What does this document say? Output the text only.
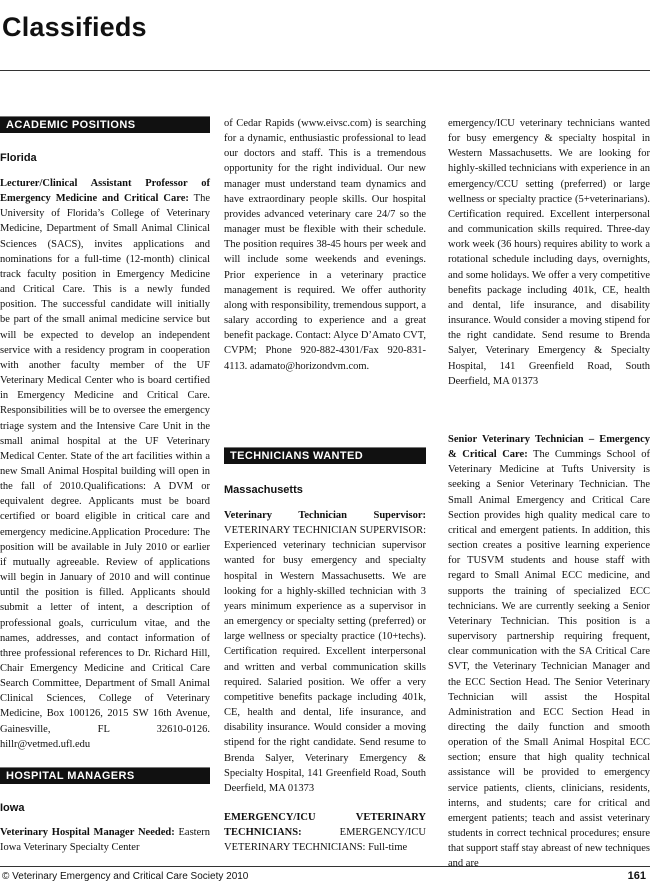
Classifieds
ACADEMIC POSITIONS

Florida

Lecturer/Clinical Assistant Professor of Emergency Medicine and Critical Care: The University of Florida’s College of Veterinary Medicine, Department of Small Animal Clinical Sciences (SACS), invites applications and nominations for a full-time (12-month) clinical track faculty position in Emergency Medicine and Critical Care. This is a newly funded position. The successful candidate will initially be part of the small animal medicine service but will be expected to develop an independent service with a residency program in cooperation with another faculty member of the UF Veterinary Medical Center who is board certified in Emergency Medicine and Critical Care. Responsibilities will be to oversee the emergency triage system and the Intensive Care Unit in the small animal hospital at the UF Veterinary Medical Center. State of the art facilities within a new Small Animal Hospital building will open in the fall of 2010.Qualifications: A DVM or equivalent degree. Applicants must be board certified or board eligible in critical care and emergency medicine.Application Procedure: The position will be available in July 2010 or earlier if mutually agreeable. Review of applications will begin in January of 2010 and will continue until the position is filled. Applicants should submit a letter of intent, a description of professional goals, curriculum vitae, and the names, addresses, and contact information of three professional references to Dr. Richard Hill, Chair Emergency Medicine and Critical Care Search Committee, Department of Small Animal Clinical Sciences, College of Veterinary Medicine, Box 100126, 2015 SW 16th Avenue, Gainesville, FL 32610-0126. hillr@vetmed.ufl.edu

HOSPITAL MANAGERS

Iowa

Veterinary Hospital Manager Needed: Eastern Iowa Veterinary Specialty Center

of Cedar Rapids (www.eivsc.com) is searching for a dynamic, enthusiastic professional to lead our doctors and staff. This is a tremendous opportunity for the right individual. Our new manager must understand team dynamics and have extraordinary people skills. Our hospital provides advanced veterinary care 24/7 so the manager must be flexible with their schedule. The position requires 38-45 hours per week and will include some weekends and evenings. Prior experience in a veterinary practice management is required. We offer authority along with responsibility, tremendous support, a salary according to experience and a great benefit package. Contact: Alyce D’Amato CVT, CVPM; Phone 920-882-4301/Fax 920-831-4113. adamato@horizondvm.com.

TECHNICIANS WANTED

Massachusetts

Veterinary Technician Supervisor: VETERINARY TECHNICIAN SUPERVISOR: Experienced veterinary technician supervisor wanted for busy emergency and specialty hospital in Western Massachusetts. We are looking for a highly-skilled technician with 3 years minimum experience as a supervisor in an emergency or specialty setting (preferred) or large wellness or specialty practice (10+techs). Certification required. Excellent interpersonal and written and verbal communication skills required. Salaried position. We offer a very competitive benefits package including 401k, CE, health and dental, life insurance, and disability insurance. Would consider a moving stipend for the right candidate. Send resume to Brenda Salyer, Veterinary Emergency & Specialty Hospital, 141 Greenfield Road, South Deerfield, MA 01373

EMERGENCY/ICU VETERINARY TECHNICIANS:	EMERGENCY/ICU VETERINARY TECHNICIANS: Full-time

emergency/ICU veterinary technicians wanted for busy emergency & specialty hospital in Western Massachusetts. We are looking for highly-skilled technicians with experience in an emergency/CCU setting (preferred) or large wellness or specialty practice (5+veterinarians). Certification required. Excellent interpersonal and communication skills required. Three-day work week (36 hours) requires ability to work a rotational schedule including days, overnights, and some holidays. We offer a very competitive benefits package including 401k, CE, health and dental, life insurance, and disability insurance. Would consider a moving stipend for the right candidate. Send resume to Brenda Salyer, Veterinary Emergency & Specialty Hospital, 141 Greenfield Road, South Deerfield, MA 01373

Senior Veterinary Technician – Emergency & Critical Care: The Cummings School of Veterinary Medicine at Tufts University is seeking a Senior Veterinary Technician. The Small Animal Emergency and Critical Care Section provides high quality medical care to critical and emergent patients. In addition, this section creates a positive learning experience for TUSVM students and house staff with regard to Small Animal ECC medicine, and supports the training of specialized ECC technicians. We are currently seeking a Senior Veterinary Technician. This position is a supervisory partnership requiring frequent, clear communication with the SA Critical Care SVT, the Veterinary Technician Manager and the ECC Section Head. The Senior Veterinary Technician will assist the Hospital Administration and ECC Section Head in directing the daily function and smooth operation of the Small Animal Hospital ECC section; ensure that high quality technical assistance will be provided to emergency service patients, clients, clinicians, residents, interns, and students; care for critical and emergent patients; teach and assist veterinary students in correct technical procedures; ensure that support staff stay abreast of new techniques and are

© Veterinary Emergency and Critical Care Society 2010	161
